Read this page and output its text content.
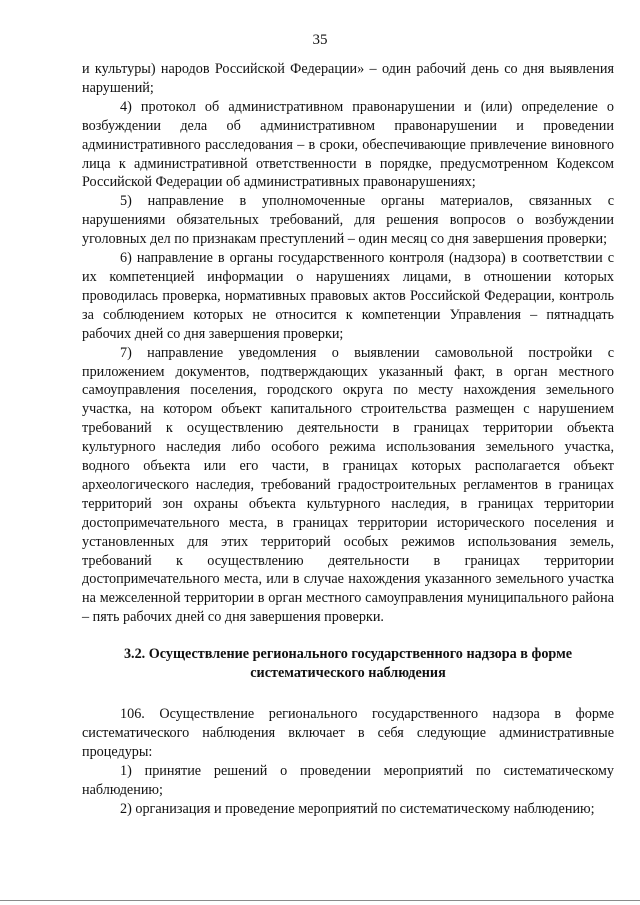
35

и культуры) народов Российской Федерации» – один рабочий день со дня выявления нарушений;

4) протокол об административном правонарушении и (или) определение о возбуждении дела об административном правонарушении и проведении административного расследования – в сроки, обеспечивающие привлечение виновного лица к административной ответственности в порядке, предусмотренном Кодексом Российской Федерации об административных правонарушениях;

5) направление в уполномоченные органы материалов, связанных с нарушениями обязательных требований, для решения вопросов о возбуждении уголовных дел по признакам преступлений – один месяц со дня завершения проверки;

6) направление в органы государственного контроля (надзора) в соответствии с их компетенцией информации о нарушениях лицами, в отношении которых проводилась проверка, нормативных правовых актов Российской Федерации, контроль за соблюдением которых не относится к компетенции Управления – пятнадцать рабочих дней со дня завершения проверки;

7) направление уведомления о выявлении самовольной постройки с приложением документов, подтверждающих указанный факт, в орган местного самоуправления поселения, городского округа по месту нахождения земельного участка, на котором объект капитального строительства размещен с нарушением требований к осуществлению деятельности в границах территории объекта культурного наследия либо особого режима использования земельного участка, водного объекта или его части, в границах которых располагается объект археологического наследия, требований градостроительных регламентов в границах территорий зон охраны объекта культурного наследия, в границах территории достопримечательного места, в границах территории исторического поселения и установленных для этих территорий особых режимов использования земель, требований к осуществлению деятельности в границах территории достопримечательного места, или в случае нахождения указанного земельного участка на межселенной территории в орган местного самоуправления муниципального района – пять рабочих дней со дня завершения проверки.

3.2. Осуществление регионального государственного надзора в форме систематического наблюдения

106. Осуществление регионального государственного надзора в форме систематического наблюдения включает в себя следующие административные процедуры:

1) принятие решений о проведении мероприятий по систематическому наблюдению;

2) организация и проведение мероприятий по систематическому наблюдению;
